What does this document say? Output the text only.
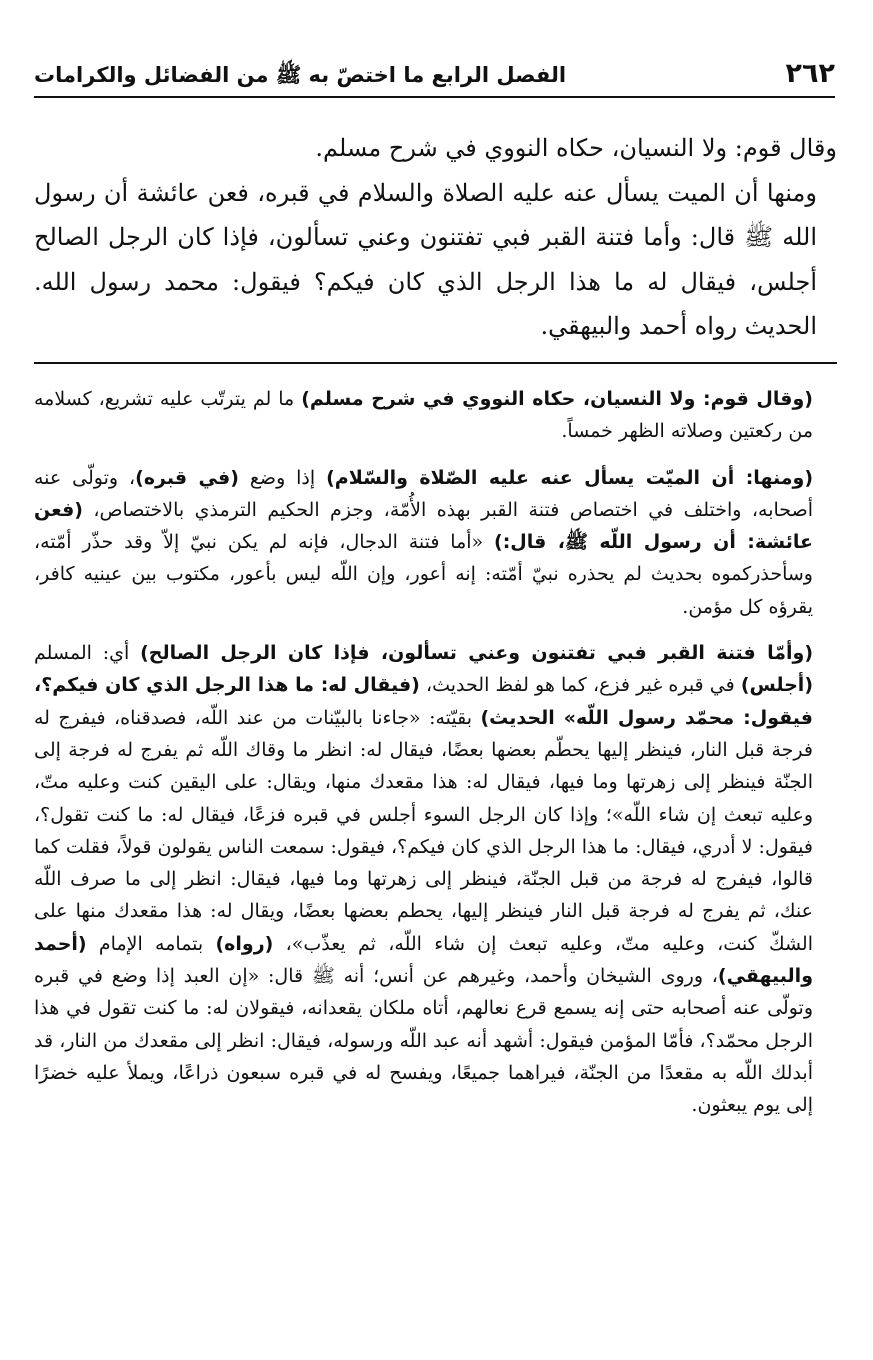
الفصل الرابع ما اختصّ به ﷺ من الفضائل والكرامات	٢٦٢

وقال قوم: ولا النسيان، حكاه النووي في شرح مسلم.

ومنها أن الميت يسأل عنه عليه الصلاة والسلام في قبره، فعن عائشة أن رسول الله ﷺ قال: وأما فتنة القبر فبي تفتنون وعني تسألون، فإذا كان الرجل الصالح أجلس، فيقال له ما هذا الرجل الذي كان فيكم؟ فيقول: محمد رسول الله. الحديث رواه أحمد والبيهقي.

(وقال قوم: ولا النسيان، حكاه النووي في شرح مسلم) ما لم يترتّب عليه تشريع، كسلامه من ركعتين وصلاته الظهر خمساً.

(ومنها: أن الميّت يسأل عنه عليه الصّلاة والسّلام) إذا وضع (في قبره)، وتولّى عنه أصحابه، واختلف في اختصاص فتنة القبر بهذه الأُمّة، وجزم الحكيم الترمذي بالاختصاص، (فعن عائشة: أن رسول اللّه ﷺ، قال:) «أما فتنة الدجال، فإنه لم يكن نبيّ إلاّ وقد حذّر أمّته، وسأحذركموه بحديث لم يحذره نبيّ أمّته: إنه أعور، وإن اللّه ليس بأعور، مكتوب بين عينيه كافر، يقرؤه كل مؤمن.

(وأمّا فتنة القبر فبي تفتنون وعني تسألون، فإذا كان الرجل الصالح) أي: المسلم (أجلس) في قبره غير فزع، كما هو لفظ الحديث، (فيقال له: ما هذا الرجل الذي كان فيكم؟، فيقول: محمّد رسول اللّه» الحديث) بقيّته: «جاءنا بالبيّنات من عند اللّه، فصدقناه، فيفرج له فرجة قبل النار، فينظر إليها يحطّم بعضها بعضًا، فيقال له: انظر ما وقاك اللّه ثم يفرج له فرجة إلى الجنّة فينظر إلى زهرتها وما فيها، فيقال له: هذا مقعدك منها، ويقال: على اليقين كنت وعليه متّ، وعليه تبعث إن شاء اللّه»؛ وإذا كان الرجل السوء أجلس في قبره فزعًا، فيقال له: ما كنت تقول؟، فيقول: لا أدري، فيقال: ما هذا الرجل الذي كان فيكم؟، فيقول: سمعت الناس يقولون قولاً، فقلت كما قالوا، فيفرج له فرجة من قبل الجنّة، فينظر إلى زهرتها وما فيها، فيقال: انظر إلى ما صرف اللّه عنك، ثم يفرج له فرجة قبل النار فينظر إليها، يحطم بعضها بعضًا، ويقال له: هذا مقعدك منها على الشكّ كنت، وعليه متّ، وعليه تبعث إن شاء اللّه، ثم يعذّب»، (رواه) بتمامه الإمام (أحمد والبيهقي)، وروى الشيخان وأحمد، وغيرهم عن أنس؛ أنه ﷺ قال: «إن العبد إذا وضع في قبره وتولّى عنه أصحابه حتى إنه يسمع قرع نعالهم، أتاه ملكان يقعدانه، فيقولان له: ما كنت تقول في هذا الرجل محمّد؟، فأمّا المؤمن فيقول: أشهد أنه عبد اللّه ورسوله، فيقال: انظر إلى مقعدك من النار، قد أبدلك اللّه به مقعدًا من الجنّة، فيراهما جميعًا، ويفسح له في قبره سبعون ذراعًا، ويملأ عليه خضرًا إلى يوم يبعثون.
